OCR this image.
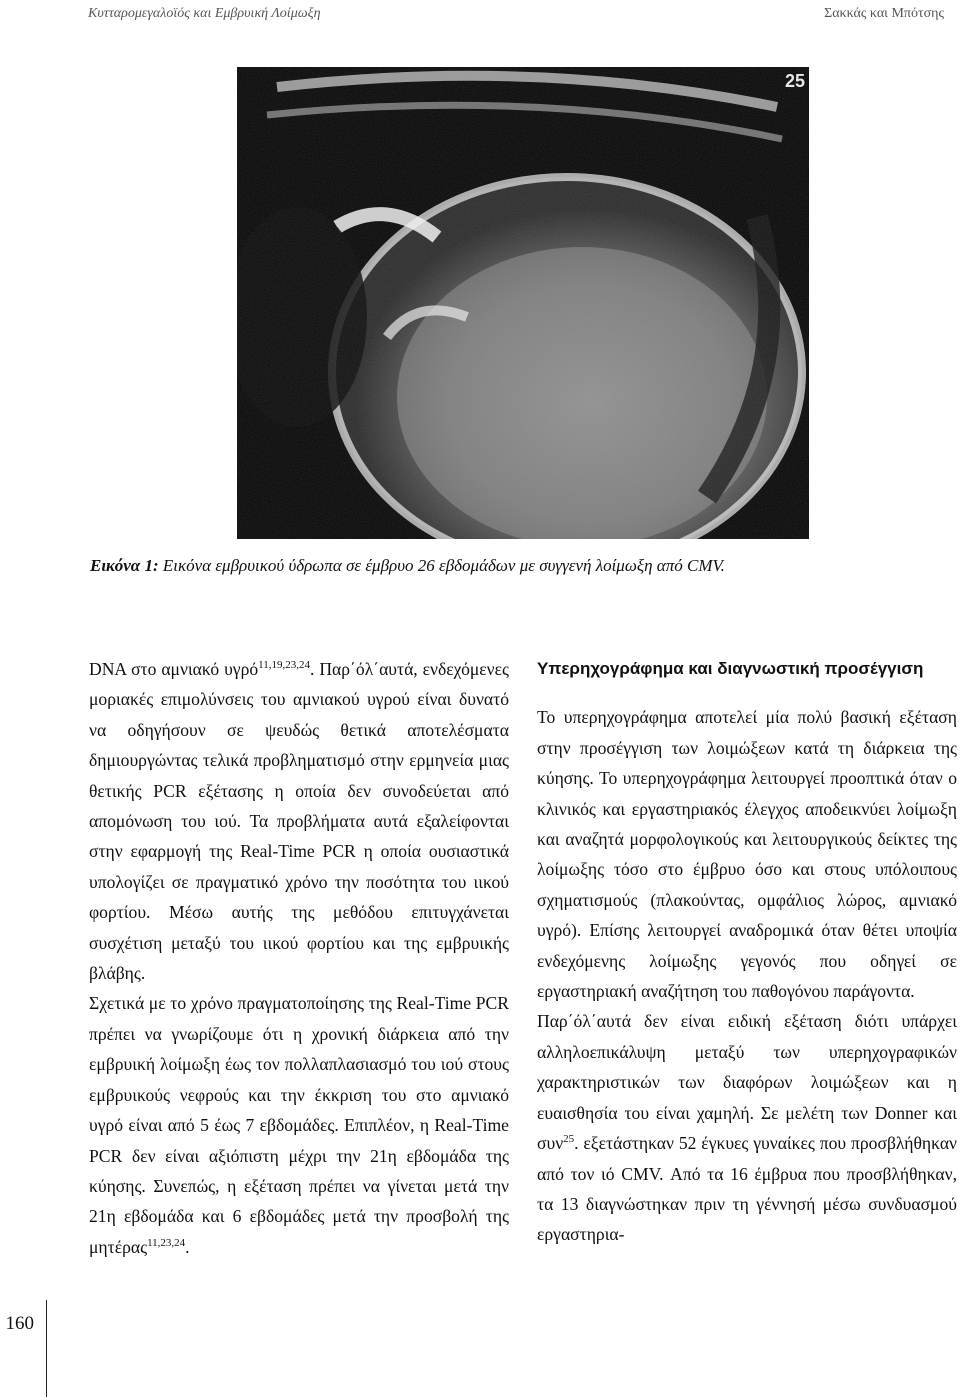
Κυτταρομεγαλοϊός και Εμβρυική Λοίμωξη	Σακκάς και Μπότσης
25
Εικόνα 1: Εικόνα εμβρυικού ύδρωπα σε έμβρυο 26 εβδομάδων με συγγενή λοίμωξη από CMV.

DNA στο αμνιακό υγρό$^{11,19,23,24}$. Παρ΄όλ΄αυτά, ενδεχόμενες μοριακές επιμολύνσεις του αμνιακού υγρού είναι δυνατό να οδηγήσουν σε ψευδώς θετικά αποτελέσματα δημιουργώντας τελικά προβληματισμό στην ερμηνεία μιας θετικής PCR εξέτασης η οποία δεν συνοδεύεται από απομόνωση του ιού. Τα προβλήματα αυτά εξαλείφονται στην εφαρμογή της Real-Time PCR η οποία ουσιαστικά υπολογίζει σε πραγματικό χρόνο την ποσότητα του ιικού φορτίου. Μέσω αυτής της μεθόδου επιτυγχάνεται συσχέτιση μεταξύ του ιικού φορτίου και της εμβρυικής βλάβης.

Σχετικά με το χρόνο πραγματοποίησης της Real-Time PCR πρέπει να γνωρίζουμε ότι η χρονική διάρκεια από την εμβρυική λοίμωξη έως τον πολλαπλασιασμό του ιού στους εμβρυικούς νεφρούς και την έκκριση του στο αμνιακό υγρό είναι από 5 έως 7 εβδομάδες. Επιπλέον, η Real-Time PCR δεν είναι αξιόπιστη μέχρι την 21η εβδομάδα της κύησης. Συνεπώς, η εξέταση πρέπει να γίνεται μετά την 21η εβδομάδα και 6 εβδομάδες μετά την προσβολή της μητέρας$^{11,23,24}$.

Υπερηχογράφημα και διαγνωστική προσέγγιση

Το υπερηχογράφημα αποτελεί μία πολύ βασική εξέταση στην προσέγγιση των λοιμώξεων κατά τη διάρκεια της κύησης. Το υπερηχογράφημα λειτουργεί προοπτικά όταν ο κλινικός και εργαστηριακός έλεγχος αποδεικνύει λοίμωξη και αναζητά μορφολογικούς και λειτουργικούς δείκτες της λοίμωξης τόσο στο έμβρυο όσο και στους υπόλοιπους σχηματισμούς (πλακούντας, ομφάλιος λώρος, αμνιακό υγρό). Επίσης λειτουργεί αναδρομικά όταν θέτει υποψία ενδεχόμενης λοίμωξης γεγονός που οδηγεί σε εργαστηριακή αναζήτηση του παθογόνου παράγοντα.

Παρ΄όλ΄αυτά δεν είναι ειδική εξέταση διότι υπάρχει αλληλοεπικάλυψη μεταξύ των υπερηχογραφικών χαρακτηριστικών των διαφόρων λοιμώξεων και η ευαισθησία του είναι χαμηλή. Σε μελέτη των Donner και συν$^{25}$. εξετάστηκαν 52 έγκυες γυναίκες που προσβλήθηκαν από τον ιό CMV. Από τα 16 έμβρυα που προσβλήθηκαν, τα 13 διαγνώστηκαν πριν τη γέννησή μέσω συνδυασμού εργαστηρια-

160
